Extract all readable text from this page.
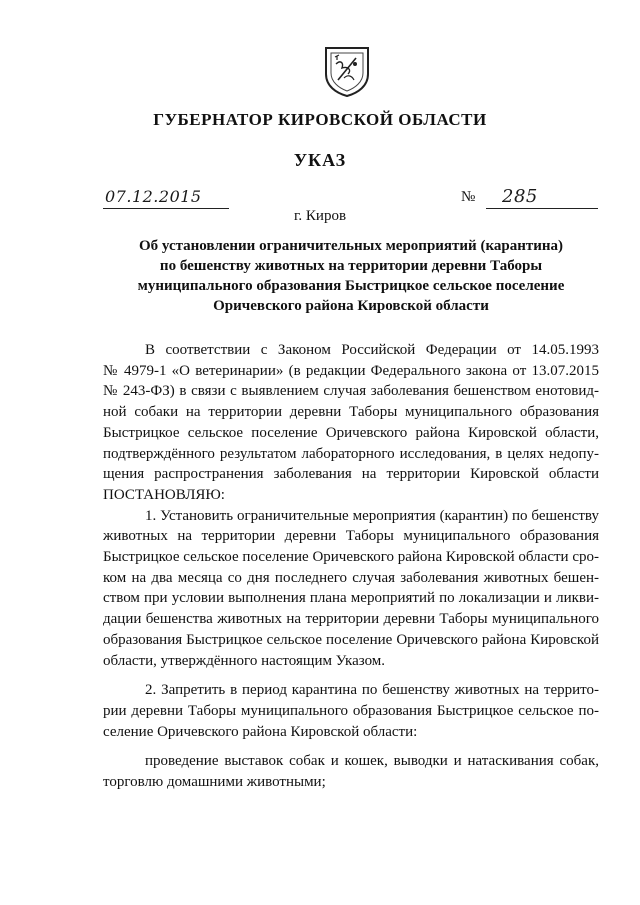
ГУБЕРНАТОР КИРОВСКОЙ ОБЛАСТИ
УКАЗ
07.12.2015	№ 285
г. Киров
Об установлении ограничительных мероприятий (карантина)
по бешенству животных на территории деревни Таборы
муниципального образования Быстрицкое сельское поселение
Оричевского района Кировской области
В соответствии с Законом Российской Федерации от 14.05.1993
№ 4979-1 «О ветеринарии» (в редакции Федерального закона от 13.07.2015
№ 243-ФЗ) в связи с выявлением случая заболевания бешенством енотовид-
ной собаки на территории деревни Таборы муниципального образования
Быстрицкое сельское поселение Оричевского района Кировской области,
подтверждённого результатом лабораторного исследования, в целях недопу-
щения распространения заболевания на территории Кировской области
ПОСТАНОВЛЯЮ:
1. Установить ограничительные мероприятия (карантин) по бешенству
животных на территории деревни Таборы муниципального образования
Быстрицкое сельское поселение Оричевского района Кировской области сро-
ком на два месяца со дня последнего случая заболевания животных бешен-
ством при условии выполнения плана мероприятий по локализации и ликви-
дации бешенства животных на территории деревни Таборы муниципального
образования Быстрицкое сельское поселение Оричевского района Кировской
области, утверждённого настоящим Указом.
2. Запретить в период карантина по бешенству животных на террито-
рии деревни Таборы муниципального образования Быстрицкое сельское по-
селение Оричевского района Кировской области:
проведение выставок собак и кошек, выводки и натаскивания собак,
торговлю домашними животными;
